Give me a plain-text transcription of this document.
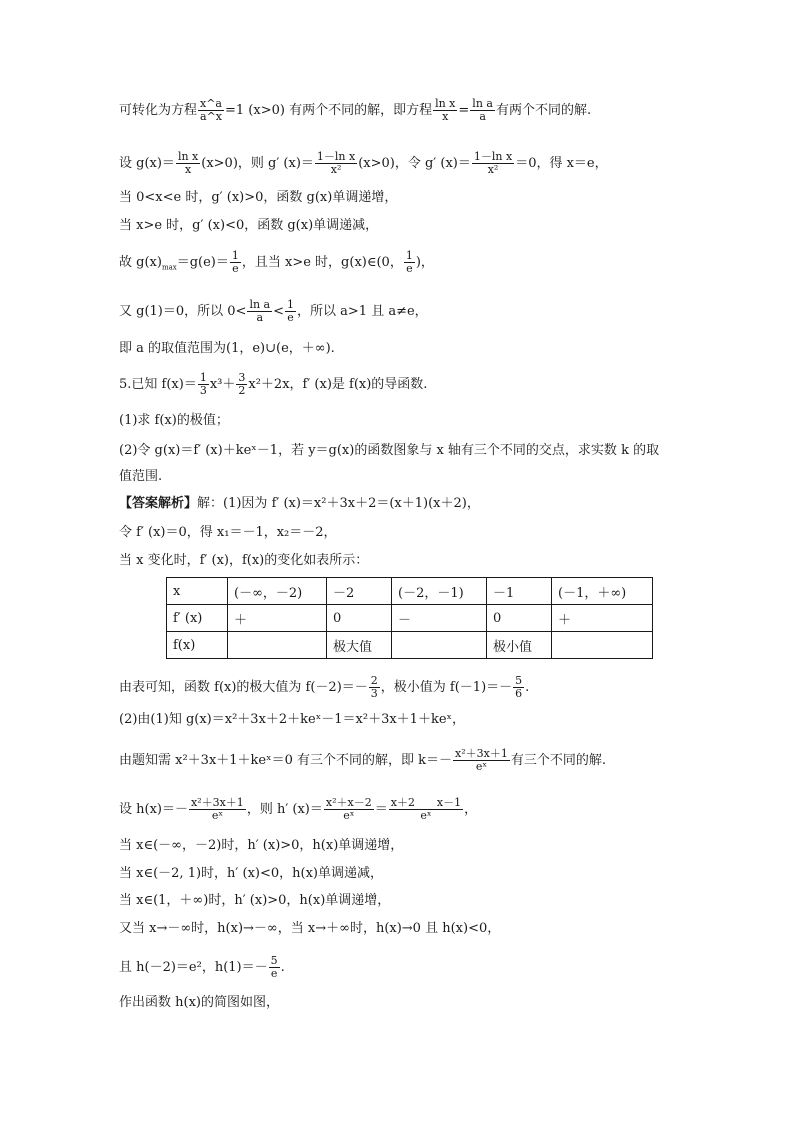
可转化为方程 $\frac{x\^{}a}{a\^{}x} =1$ (x>0) 有两个不同的解，即方程 $\frac{\text{ln x}}{x} = \frac{\text{ln a}}{a}$ 有两个不同的解.
设 $g(x)= \frac{\text{ln x}}{x} (x>0)$，则 g′ $(x)= \frac{\text{1－ln x}}{\text{x²}} (x>0)$，令 g′ $(x)= \frac{\text{1－ln x}}{\text{x²}} =0$，得 x＝e，
当 0<x<e 时，g′ (x)>0，函数 g(x)单调递增，
当 x>e 时，g′ (x)<0，函数 g(x)单调递减，
故 $g(x)_{max}=g(e)= \frac{1}{e}$ ，且当 x>e 时，g(x)∈(0， $\frac{1}{e}$ )，
又 g(1)＝0，所以 $0< \frac{\text{ln a}}{a} < \frac{1}{e}$ ，所以 a>1 且 a≠e，
即 a 的取值范围为(1，e)∪(e，＋∞).
5.已知 $f(x)= \frac{1}{3} x^3+ \frac{3}{2} x^2+2x$，f′ (x)是 f(x)的导函数.
(1)求 f(x)的极值；
(2)令 g(x)＝f′ (x)＋keˣ－1，若 y＝g(x)的函数图象与 x 轴有三个不同的交点，求实数 k 的取
值范围.
【答案解析】解：(1)因为 f′ (x)＝x²＋3x＋2＝(x＋1)(x＋2)，
令 f′ (x)＝0，得 x₁＝－1，x₂＝－2，
当 x 变化时，f′ (x)，f(x)的变化如表所示：
x	(－∞，－2)	－2	(－2，－1)	－1	(－1，＋∞)
f′ (x)	＋	0	－	0	＋
f(x)		极大值		极小值	
由表可知，函数 f(x)的极大值为 $f(-2)=- \frac{2}{3}$ ，极小值为 $f(-1)=- \frac{5}{6}$ .
(2)由(1)知 g(x)＝x²＋3x＋2＋keˣ－1＝x²＋3x＋1＋keˣ，
由题知需 x²＋3x＋1＋keˣ＝0 有三个不同的解，即 $k=- \frac{\text{x²＋3x＋1}}{\text{eˣ}}$ 有三个不同的解.
设 $h(x)=- \frac{\text{x²＋3x＋1}}{\text{eˣ}}$ ，则 h′ $(x)= \frac{\text{x²＋x－2}}{\text{eˣ}} = \frac{x+2 x-1}{\text{eˣ}}$ ，
当 x∈(－∞，－2)时，h′ (x)>0，h(x)单调递增，
当 x∈(－2, 1)时，h′ (x)<0，h(x)单调递减，
当 x∈(1，＋∞)时，h′ (x)>0，h(x)单调递增，
又当 x→－∞时，h(x)→－∞，当 x→＋∞时，h(x)→0 且 h(x)<0，
且 h(－2)＝e²，$h(1)=- \frac{5}{e}$ .
作出函数 h(x)的简图如图，
